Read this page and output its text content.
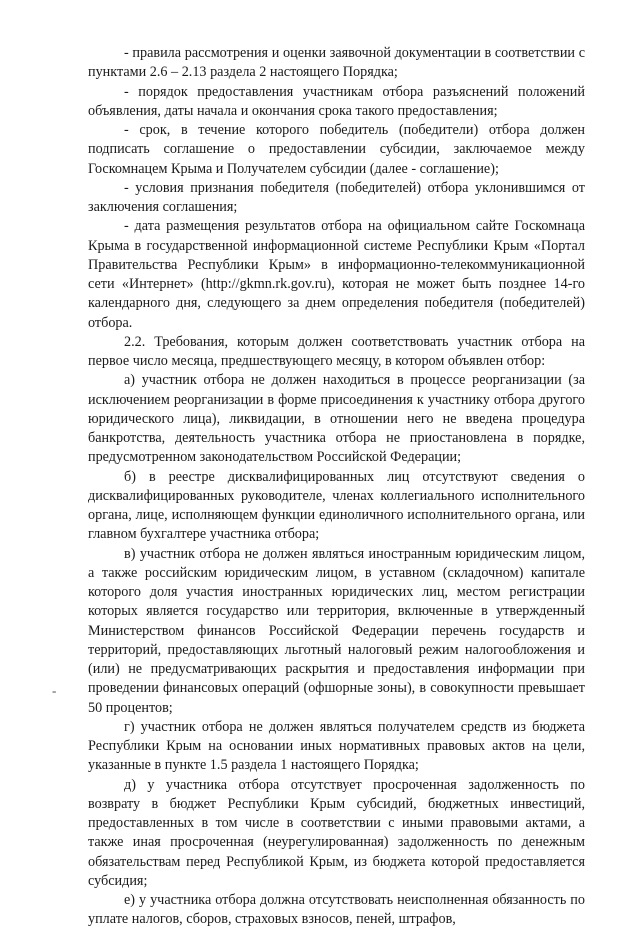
- правила рассмотрения и оценки заявочной документации в соответствии с пунктами 2.6 – 2.13 раздела 2 настоящего Порядка;

- порядок предоставления участникам отбора разъяснений положений объявления, даты начала и окончания срока такого предоставления;

- срок, в течение которого победитель (победители) отбора должен подписать соглашение о предоставлении субсидии, заключаемое между Госкомнацем Крыма и Получателем субсидии (далее - соглашение);

- условия признания победителя (победителей) отбора уклонившимся от заключения соглашения;

- дата размещения результатов отбора на официальном сайте Госкомнаца Крыма в государственной информационной системе Республики Крым «Портал Правительства Республики Крым» в информационно-телекоммуникационной сети «Интернет» (http://gkmn.rk.gov.ru), которая не может быть позднее 14-го календарного дня, следующего за днем определения победителя (победителей) отбора.

2.2. Требования, которым должен соответствовать участник отбора на первое число месяца, предшествующего месяцу, в котором объявлен отбор:

а) участник отбора не должен находиться в процессе реорганизации (за исключением реорганизации в форме присоединения к участнику отбора другого юридического лица), ликвидации, в отношении него не введена процедура банкротства, деятельность участника отбора не приостановлена в порядке, предусмотренном законодательством Российской Федерации;

б) в реестре дисквалифицированных лиц отсутствуют сведения о дисквалифицированных руководителе, членах коллегиального исполнительного органа, лице, исполняющем функции единоличного исполнительного органа, или главном бухгалтере участника отбора;

в) участник отбора не должен являться иностранным юридическим лицом, а также российским юридическим лицом, в уставном (складочном) капитале которого доля участия иностранных юридических лиц, местом регистрации которых является государство или территория, включенные в утвержденный Министерством финансов Российской Федерации перечень государств и территорий, предоставляющих льготный налоговый режим налогообложения и (или) не предусматривающих раскрытия и предоставления информации при проведении финансовых операций (офшорные зоны), в совокупности превышает 50 процентов;

г) участник отбора не должен являться получателем средств из бюджета Республики Крым на основании иных нормативных правовых актов на цели, указанные в пункте 1.5 раздела 1 настоящего Порядка;

д) у участника отбора отсутствует просроченная задолженность по возврату в бюджет Республики Крым субсидий, бюджетных инвестиций, предоставленных в том числе в соответствии с иными правовыми актами, а также иная просроченная (неурегулированная) задолженность по денежным обязательствам перед Республикой Крым, из бюджета которой предоставляется субсидия;

е) у участника отбора должна отсутствовать неисполненная обязанность по уплате налогов, сборов, страховых взносов, пеней, штрафов,

-
